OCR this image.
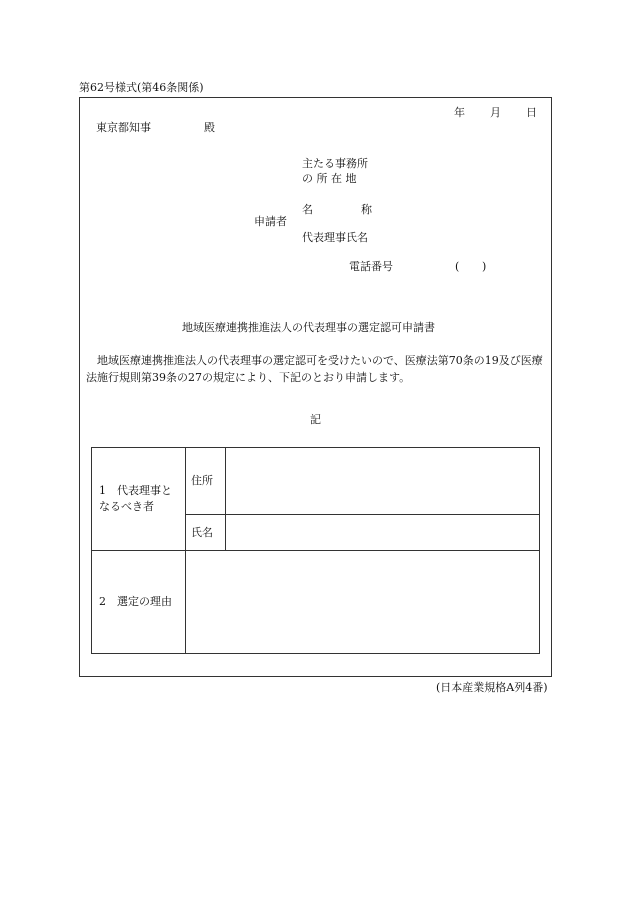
第62号様式(第46条関係)
年 月 日
東京都知事	殿
主たる事務所
の 所 在 地
申請者
名	称
代表理事氏名
電話番号	( )
地域医療連携推進法人の代表理事の選定認可申請書
 地域医療連携推進法人の代表理事の選定認可を受けたいので、医療法第70条の19及び医療法施行規則第39条の27の規定により、下記のとおり申請します。
記
1　代表理事と
なるべき者	住所	
	氏名	
2　選定の理由		
(日本産業規格A列4番)
